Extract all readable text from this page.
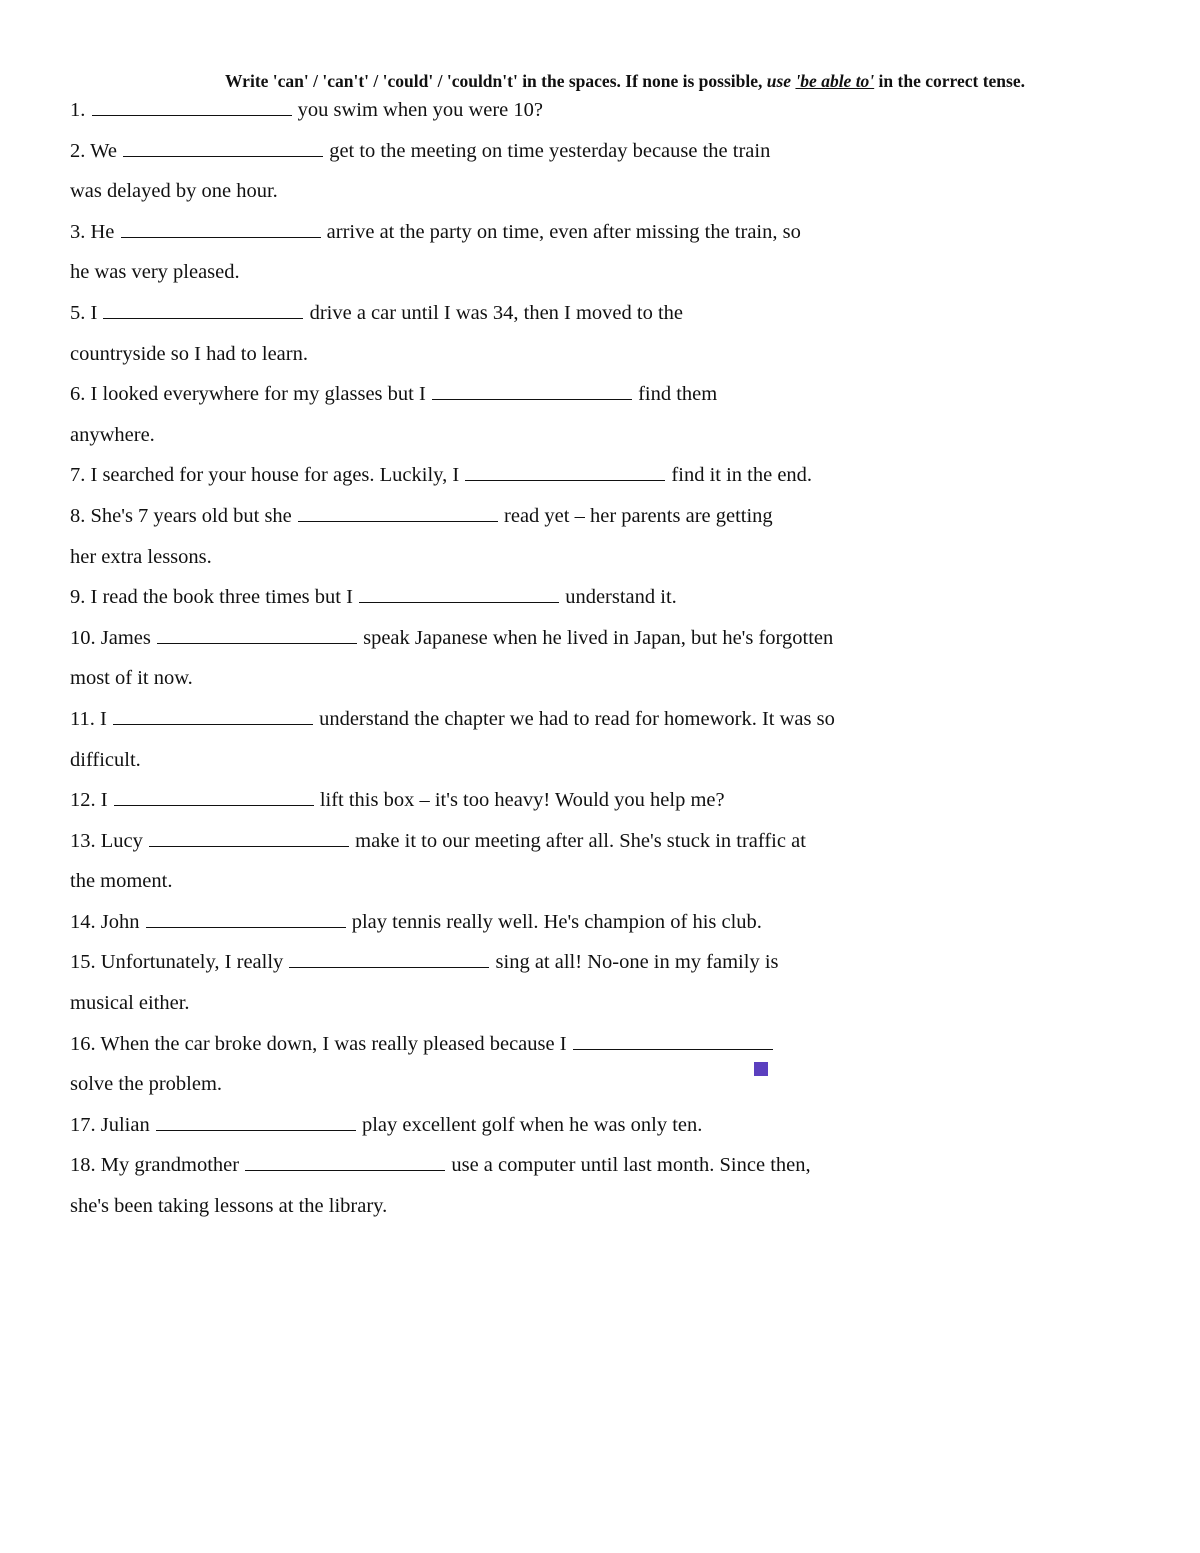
Write 'can' / 'can't' / 'could' / 'couldn't' in the spaces. If none is possible, use 'be able to' in the correct tense.
1.	you swim when you were 10?
2. We	get to the meeting on time yesterday because the train
was delayed by one hour.
3. He	arrive at the party on time, even after missing the train, so
he was very pleased.
5. I	drive a car until I was 34, then I moved to the
countryside so I had to learn.
6. I looked everywhere for my glasses but I	find them
anywhere.
7. I searched for your house for ages. Luckily, I	find it in the end.
8. She's 7 years old but she	read yet – her parents are getting
her extra lessons.
9. I read the book three times but I	understand it.
10. James	speak Japanese when he lived in Japan, but he's forgotten
most of it now.
11. I	understand the chapter we had to read for homework. It was so
difficult.
12. I	lift this box – it's too heavy! Would you help me?
13. Lucy	make it to our meeting after all. She's stuck in traffic at
the moment.
14. John	play tennis really well. He's champion of his club.
15. Unfortunately, I really	sing at all! No-one in my family is
musical either.
16. When the car broke down, I was really pleased because I
solve the problem.
17. Julian	play excellent golf when he was only ten.
18. My grandmother	use a computer until last month. Since then,
she's been taking lessons at the library.
